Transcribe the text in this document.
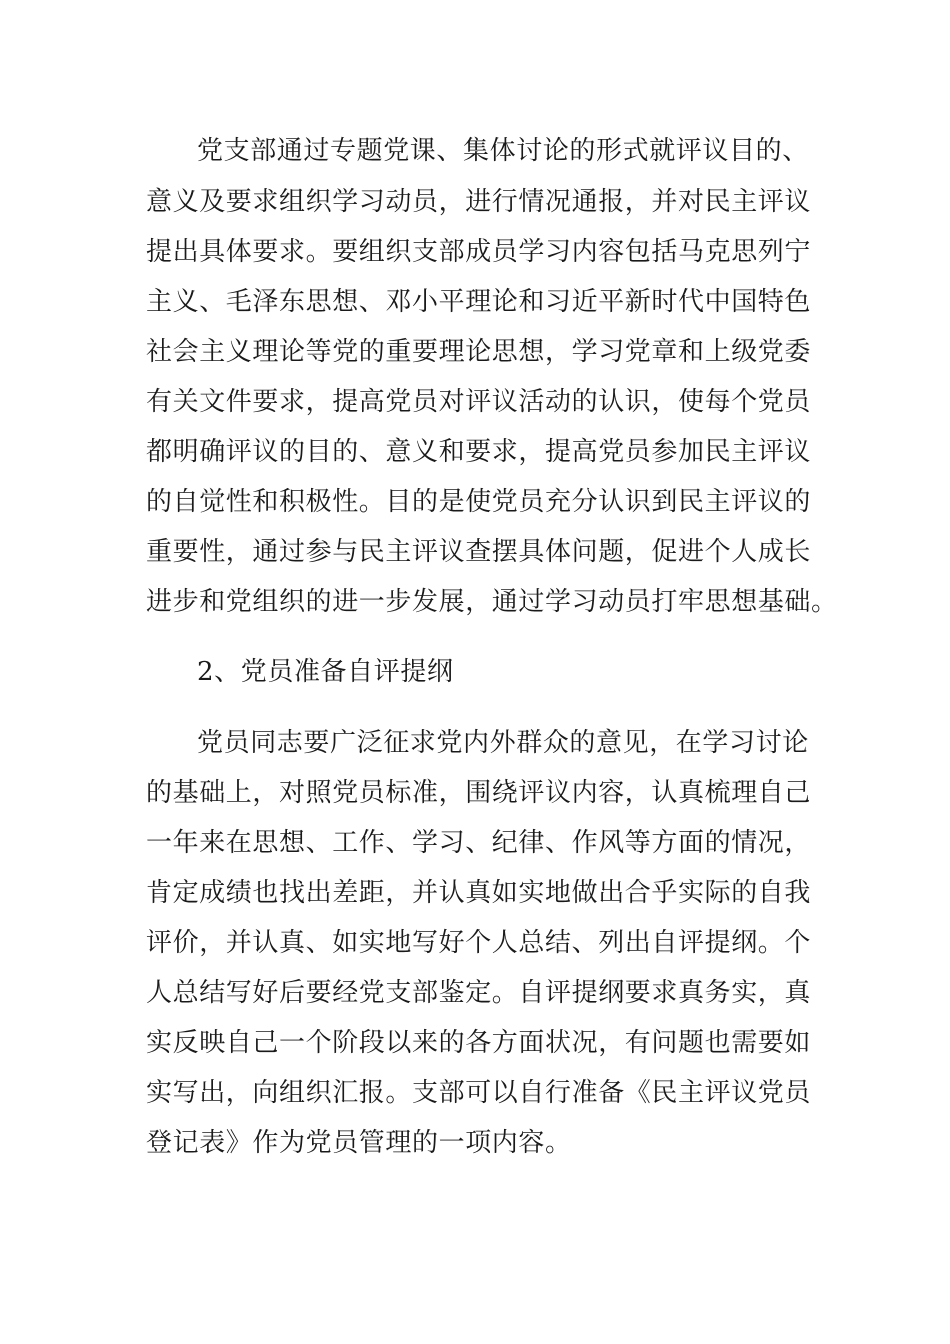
党支部通过专题党课、集体讨论的形式就评议目的、
意义及要求组织学习动员，进行情况通报，并对民主评议
提出具体要求。要组织支部成员学习内容包括马克思列宁
主义、毛泽东思想、邓小平理论和习近平新时代中国特色
社会主义理论等党的重要理论思想，学习党章和上级党委
有关文件要求，提高党员对评议活动的认识，使每个党员
都明确评议的目的、意义和要求，提高党员参加民主评议
的自觉性和积极性。目的是使党员充分认识到民主评议的
重要性，通过参与民主评议查摆具体问题，促进个人成长
进步和党组织的进一步发展，通过学习动员打牢思想基础。
2、党员准备自评提纲
党员同志要广泛征求党内外群众的意见，在学习讨论
的基础上，对照党员标准，围绕评议内容，认真梳理自己
一年来在思想、工作、学习、纪律、作风等方面的情况，
肯定成绩也找出差距，并认真如实地做出合乎实际的自我
评价，并认真、如实地写好个人总结、列出自评提纲。个
人总结写好后要经党支部鉴定。自评提纲要求真务实，真
实反映自己一个阶段以来的各方面状况，有问题也需要如
实写出，向组织汇报。支部可以自行准备《民主评议党员
登记表》作为党员管理的一项内容。
